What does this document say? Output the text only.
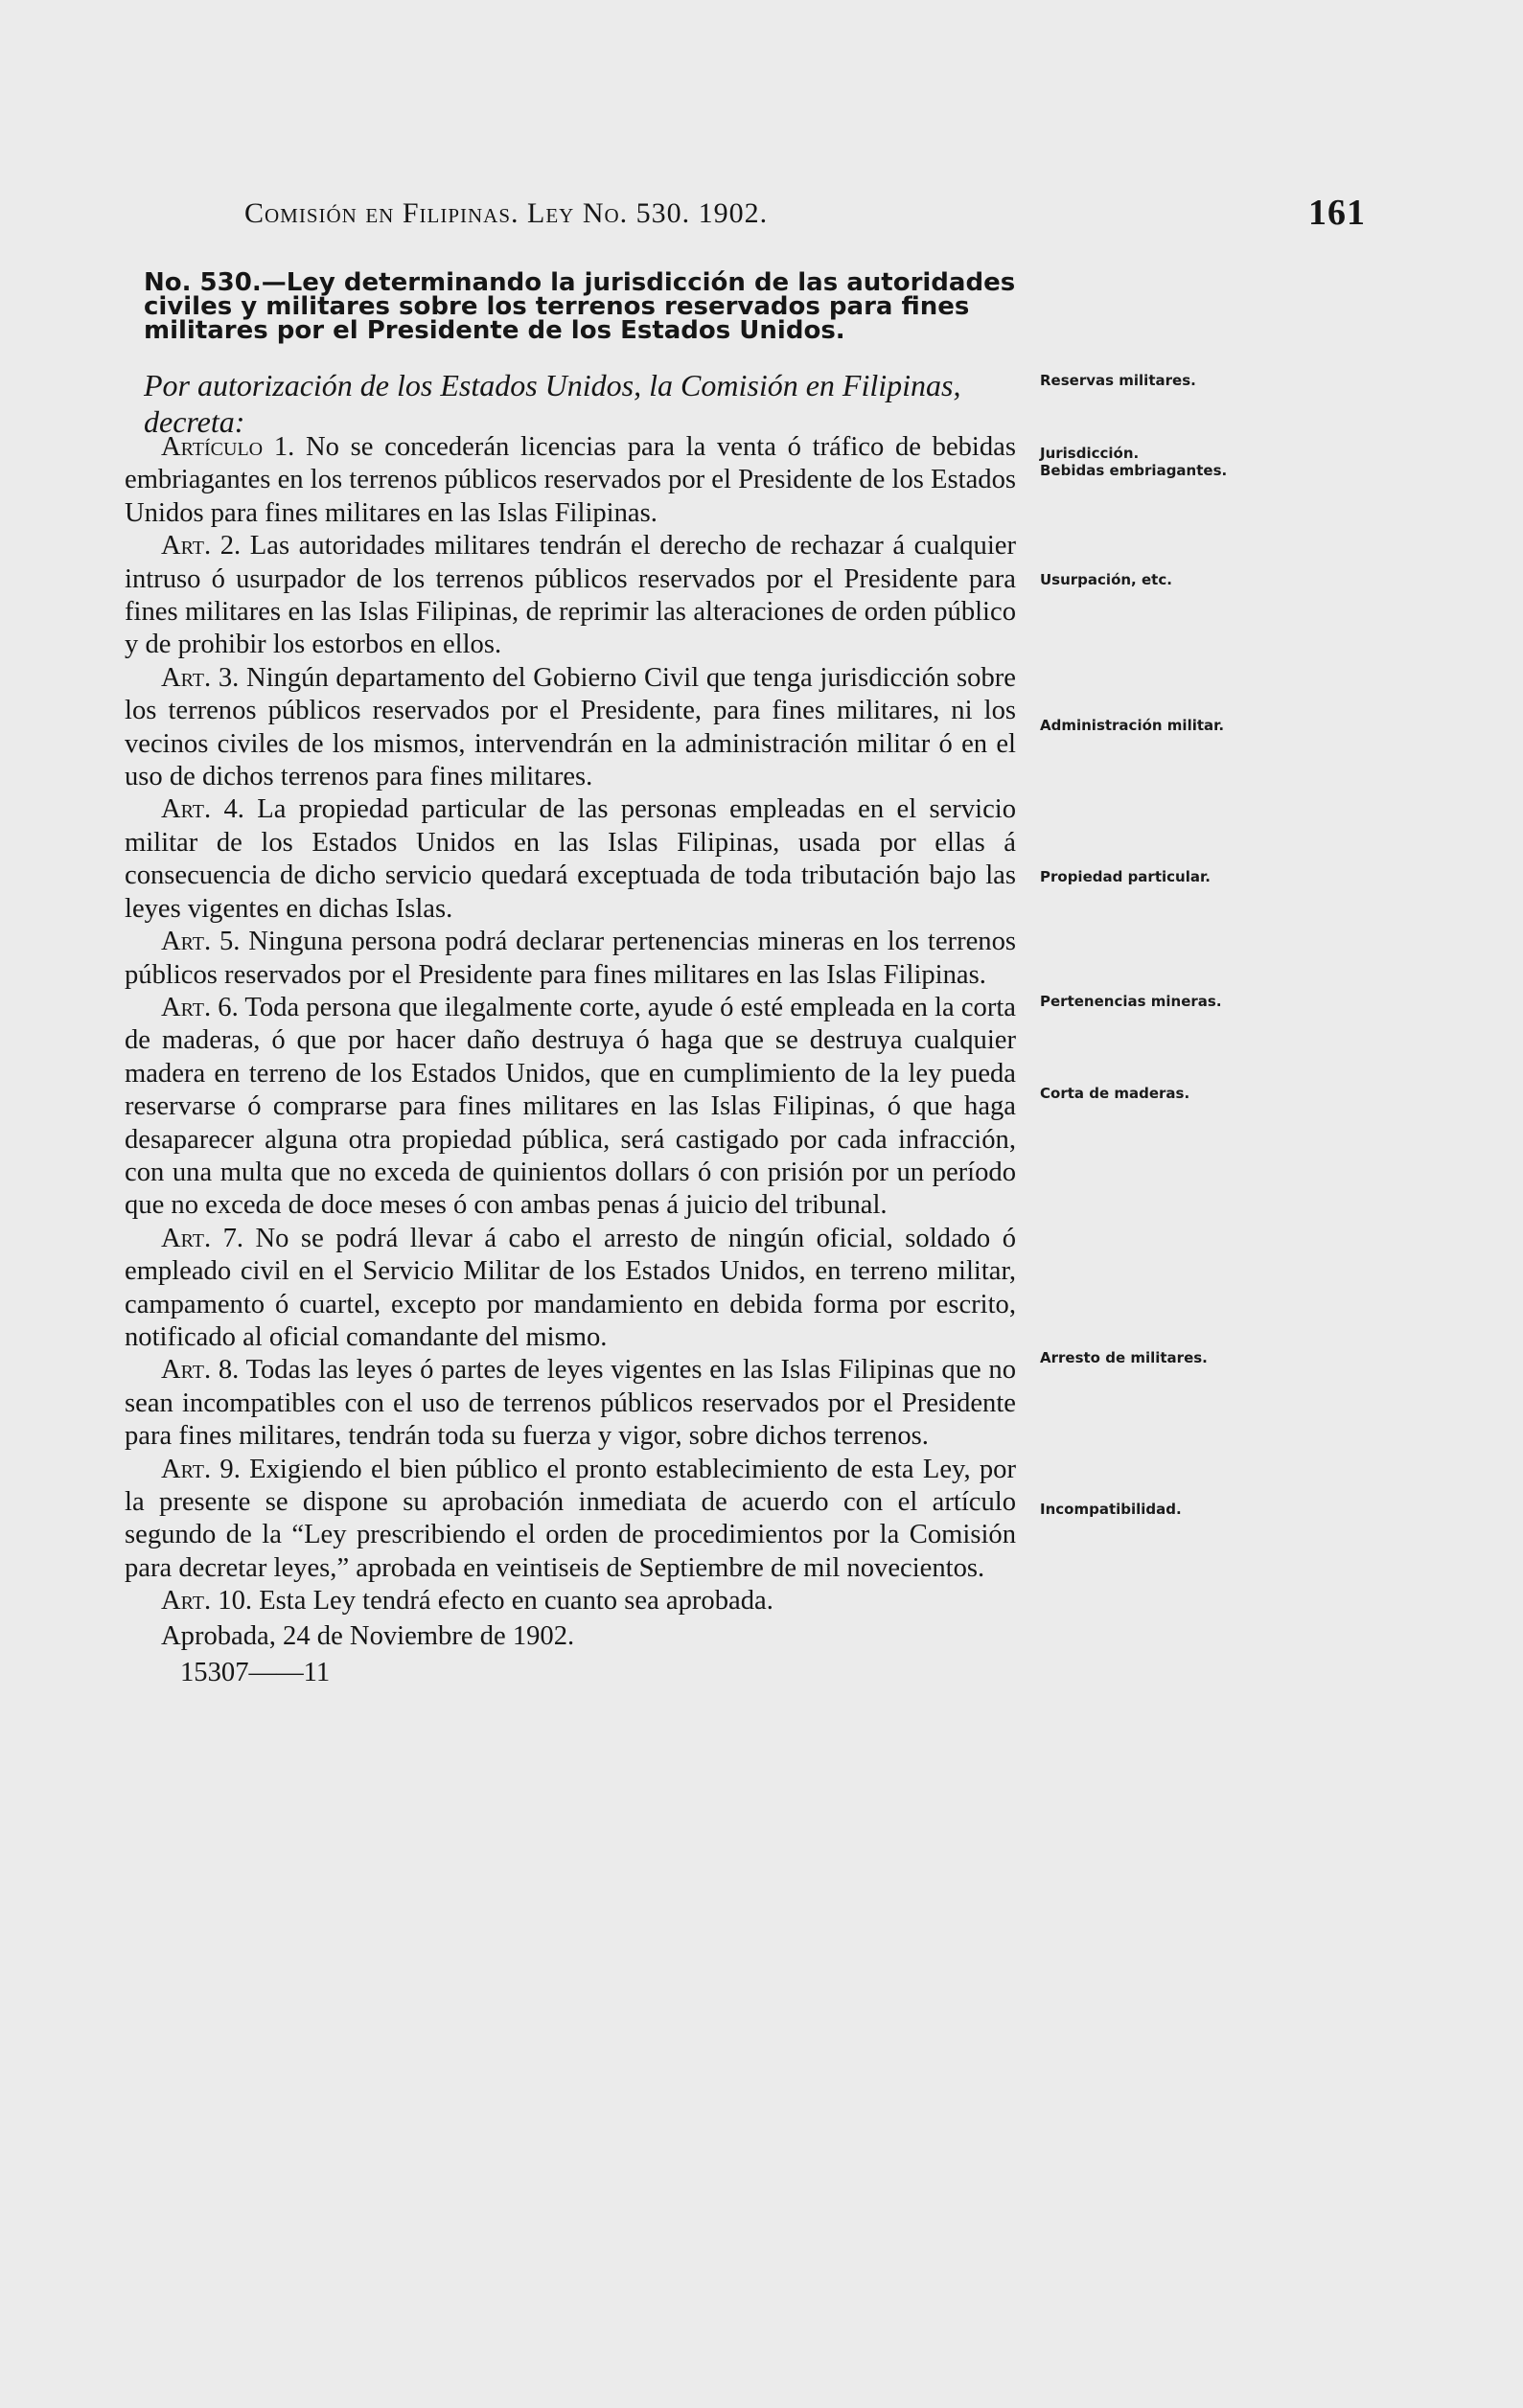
Comisión en Filipinas. Ley No. 530. 1902.	161
No. 530.—Ley determinando la jurisdicción de las autoridades civiles y militares sobre los terrenos reservados para fines militares por el Presidente de los Estados Unidos.
Por autorización de los Estados Unidos, la Comisión en Filipinas,
decreta:

Artículo 1. No se concederán licencias para la venta ó tráfico de bebidas embriagantes en los terrenos públicos reservados por el Presidente de los Estados Unidos para fines militares en las Islas Filipinas.

Art. 2. Las autoridades militares tendrán el derecho de rechazar á cualquier intruso ó usurpador de los terrenos públicos reservados por el Presidente para fines militares en las Islas Filipinas, de reprimir las alteraciones de orden público y de prohibir los estorbos en ellos.

Art. 3. Ningún departamento del Gobierno Civil que tenga jurisdicción sobre los terrenos públicos reservados por el Presidente, para fines militares, ni los vecinos civiles de los mismos, intervendrán en la administración militar ó en el uso de dichos terrenos para fines militares.

Art. 4. La propiedad particular de las personas empleadas en el servicio militar de los Estados Unidos en las Islas Filipinas, usada por ellas á consecuencia de dicho servicio quedará exceptuada de toda tributación bajo las leyes vigentes en dichas Islas.

Art. 5. Ninguna persona podrá declarar pertenencias mineras en los terrenos públicos reservados por el Presidente para fines militares en las Islas Filipinas.

Art. 6. Toda persona que ilegalmente corte, ayude ó esté empleada en la corta de maderas, ó que por hacer daño destruya ó haga que se destruya cualquier madera en terreno de los Estados Unidos, que en cumplimiento de la ley pueda reservarse ó comprarse para fines militares en las Islas Filipinas, ó que haga desaparecer alguna otra propiedad pública, será castigado por cada infracción, con una multa que no exceda de quinientos dollars ó con prisión por un período que no exceda de doce meses ó con ambas penas á juicio del tribunal.

Art. 7. No se podrá llevar á cabo el arresto de ningún oficial, soldado ó empleado civil en el Servicio Militar de los Estados Unidos, en terreno militar, campamento ó cuartel, excepto por mandamiento en debida forma por escrito, notificado al oficial comandante del mismo.

Art. 8. Todas las leyes ó partes de leyes vigentes en las Islas Filipinas que no sean incompatibles con el uso de terrenos públicos reservados por el Presidente para fines militares, tendrán toda su fuerza y vigor, sobre dichos terrenos.

Art. 9. Exigiendo el bien público el pronto establecimiento de esta Ley, por la presente se dispone su aprobación inmediata de acuerdo con el artículo segundo de la “Ley prescribiendo el orden de procedimientos por la Comisión para decretar leyes,” aprobada en veintiseis de Septiembre de mil novecientos.

Art. 10. Esta Ley tendrá efecto en cuanto sea aprobada.

Aprobada, 24 de Noviembre de 1902.

15307——11

Reservas militares.
Jurisdicción.
Bebidas embriagantes.
Usurpación, etc.
Administración militar.
Propiedad particular.
Pertenencias mineras.
Corta de maderas.
Arresto de militares.
Incompatibilidad.
